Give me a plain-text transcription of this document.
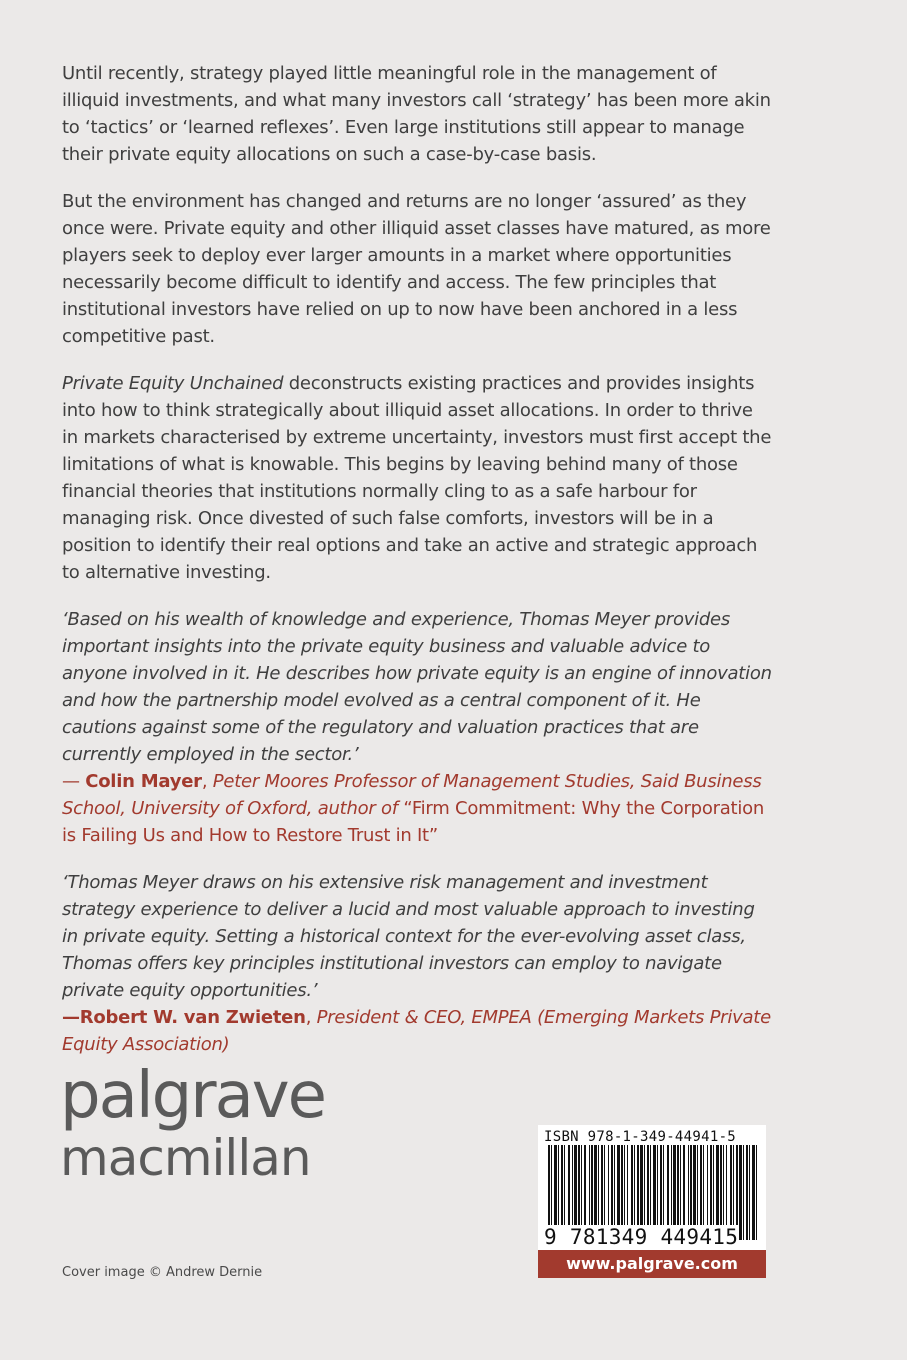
Until recently, strategy played little meaningful role in the management of illiquid investments, and what many investors call ‘strategy’ has been more akin to ‘tactics’ or ‘learned reflexes’. Even large institutions still appear to manage their private equity allocations on such a case-by-case basis.

But the environment has changed and returns are no longer ‘assured’ as they once were. Private equity and other illiquid asset classes have matured, as more players seek to deploy ever larger amounts in a market where opportunities necessarily become difficult to identify and access. The few principles that institutional investors have relied on up to now have been anchored in a less competitive past.

Private Equity Unchained deconstructs existing practices and provides insights into how to think strategically about illiquid asset allocations. In order to thrive in markets characterised by extreme uncertainty, investors must first accept the limitations of what is knowable. This begins by leaving behind many of those financial theories that institutions normally cling to as a safe harbour for managing risk. Once divested of such false comforts, investors will be in a position to identify their real options and take an active and strategic approach to alternative investing.

‘Based on his wealth of knowledge and experience, Thomas Meyer provides important insights into the private equity business and valuable advice to anyone involved in it. He describes how private equity is an engine of innovation and how the partnership model evolved as a central component of it. He cautions against some of the regulatory and valuation practices that are currently employed in the sector.’

— Colin Mayer, Peter Moores Professor of Management Studies, Said Business School, University of Oxford, author of “Firm Commitment: Why the Corporation is Failing Us and How to Restore Trust in It”

‘Thomas Meyer draws on his extensive risk management and investment strategy experience to deliver a lucid and most valuable approach to investing in private equity. Setting a historical context for the ever-evolving asset class, Thomas offers key principles institutional investors can employ to navigate private equity opportunities.’

—Robert W. van Zwieten, President & CEO, EMPEA (Emerging Markets Private Equity Association)

palgrave
macmillan
Cover image © Andrew Dernie
ISBN 978-1-349-44941-5
9 781349 449415
www.palgrave.com
